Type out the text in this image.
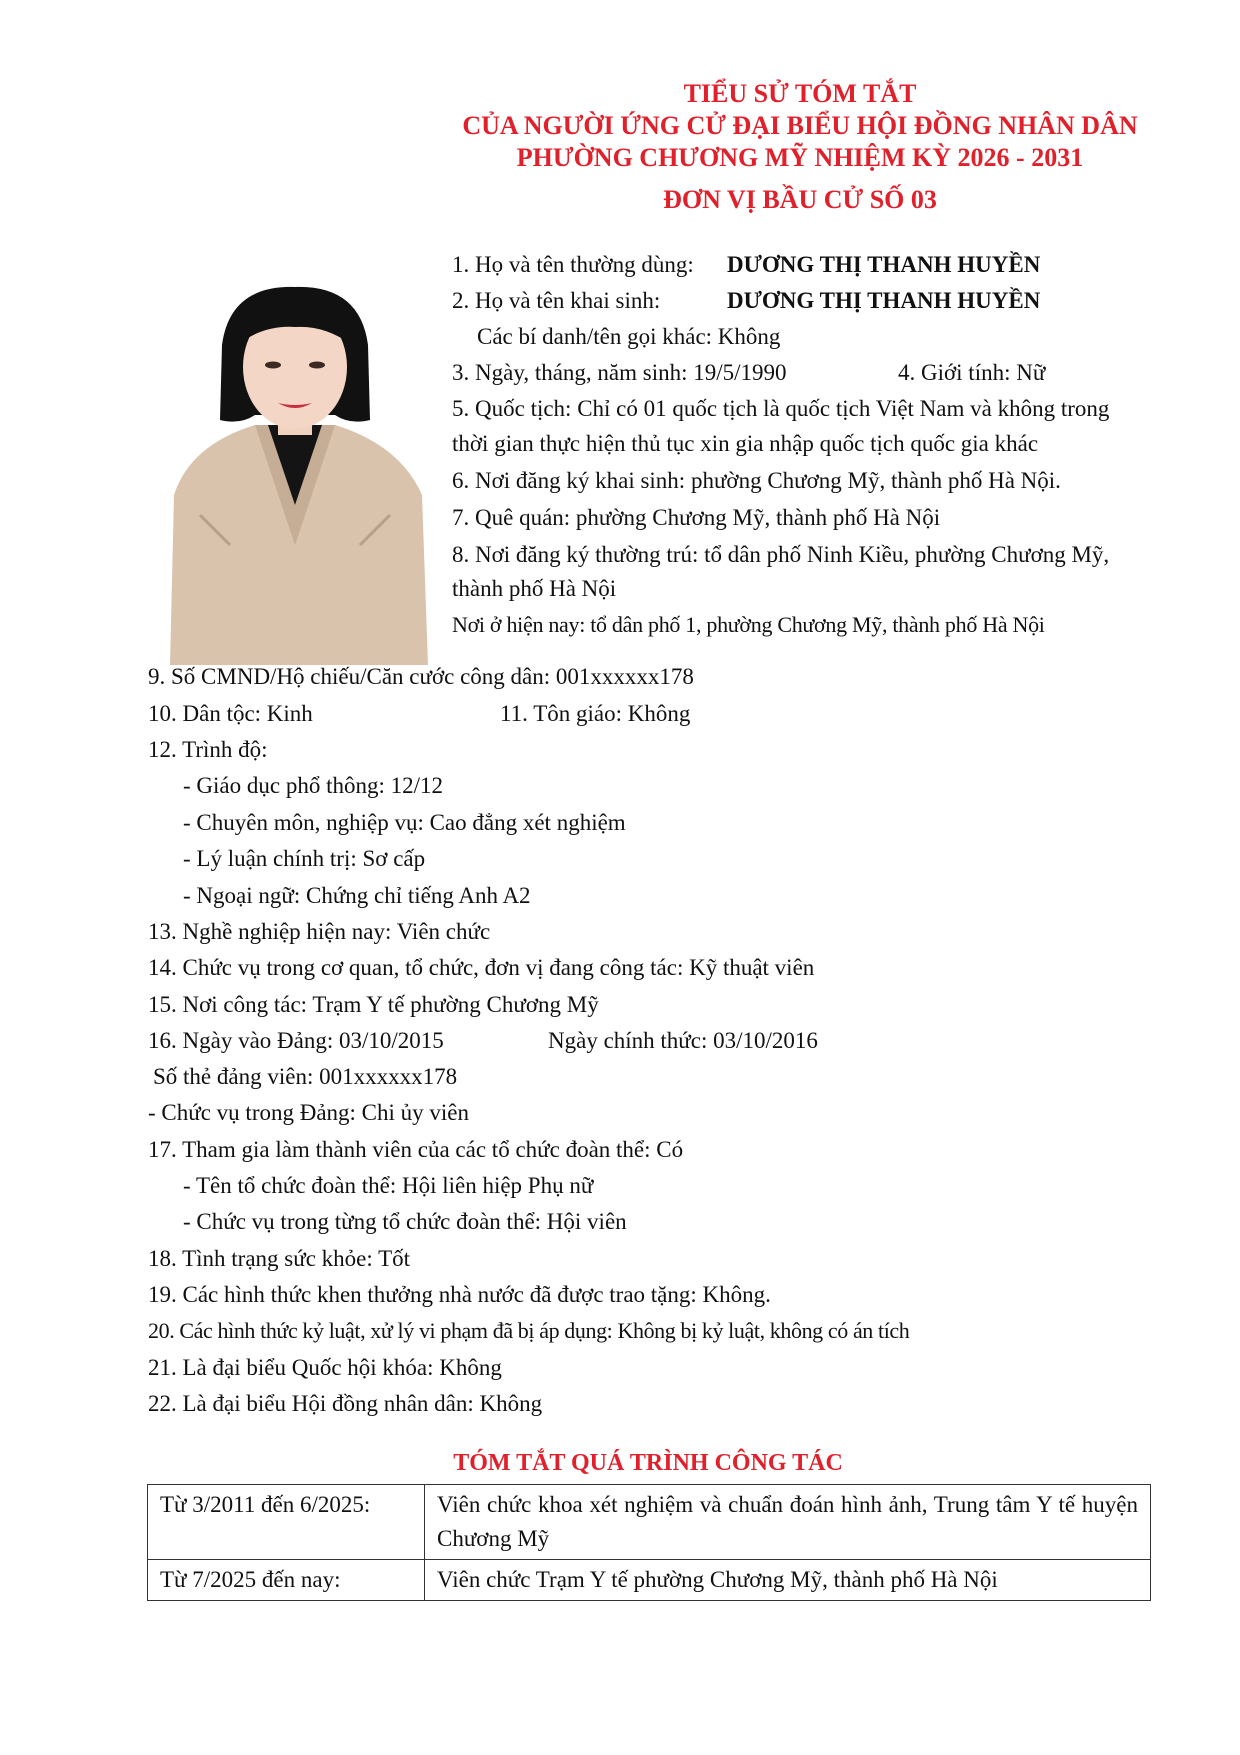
TIỂU SỬ TÓM TẮT
CỦA NGƯỜI ỨNG CỬ ĐẠI BIỂU HỘI ĐỒNG NHÂN DÂN
PHƯỜNG CHƯƠNG MỸ NHIỆM KỲ 2026 - 2031
ĐƠN VỊ BẦU CỬ SỐ 03
1. Họ và tên thường dùng: DƯƠNG THỊ THANH HUYỀN
2. Họ và tên khai sinh:	DƯƠNG THỊ THANH HUYỀN
Các bí danh/tên gọi khác: Không
3. Ngày, tháng, năm sinh: 19/5/1990	4. Giới tính: Nữ
5. Quốc tịch: Chỉ có 01 quốc tịch là quốc tịch Việt Nam và không trong
thời gian thực hiện thủ tục xin gia nhập quốc tịch quốc gia khác
6. Nơi đăng ký khai sinh: phường Chương Mỹ, thành phố Hà Nội.
7. Quê quán: phường Chương Mỹ, thành phố Hà Nội
8. Nơi đăng ký thường trú: tổ dân phố Ninh Kiều, phường Chương Mỹ,
thành phố Hà Nội
Nơi ở hiện nay: tổ dân phố 1, phường Chương Mỹ, thành phố Hà Nội
9. Số CMND/Hộ chiếu/Căn cước công dân: 001xxxxxx178
10. Dân tộc: Kinh	11. Tôn giáo: Không
12. Trình độ:
- Giáo dục phổ thông: 12/12
- Chuyên môn, nghiệp vụ: Cao đẳng xét nghiệm
- Lý luận chính trị: Sơ cấp
- Ngoại ngữ: Chứng chỉ tiếng Anh A2
13. Nghề nghiệp hiện nay: Viên chức
14. Chức vụ trong cơ quan, tổ chức, đơn vị đang công tác: Kỹ thuật viên
15. Nơi công tác: Trạm Y tế phường Chương Mỹ
16. Ngày vào Đảng: 03/10/2015	Ngày chính thức: 03/10/2016
Số thẻ đảng viên: 001xxxxxx178
- Chức vụ trong Đảng: Chi ủy viên
17. Tham gia làm thành viên của các tổ chức đoàn thể: Có
- Tên tổ chức đoàn thể: Hội liên hiệp Phụ nữ
- Chức vụ trong từng tổ chức đoàn thể: Hội viên
18. Tình trạng sức khỏe: Tốt
19. Các hình thức khen thưởng nhà nước đã được trao tặng: Không.
20. Các hình thức kỷ luật, xử lý vi phạm đã bị áp dụng: Không bị kỷ luật, không có án tích
21. Là đại biểu Quốc hội khóa: Không
22. Là đại biểu Hội đồng nhân dân: Không
TÓM TẮT QUÁ TRÌNH CÔNG TÁC
Từ 3/2011 đến 6/2025:	Viên chức khoa xét nghiệm và chuẩn đoán hình ảnh, Trung tâm Y tế huyện Chương Mỹ
Từ 7/2025 đến nay:	Viên chức Trạm Y tế phường Chương Mỹ, thành phố Hà Nội
